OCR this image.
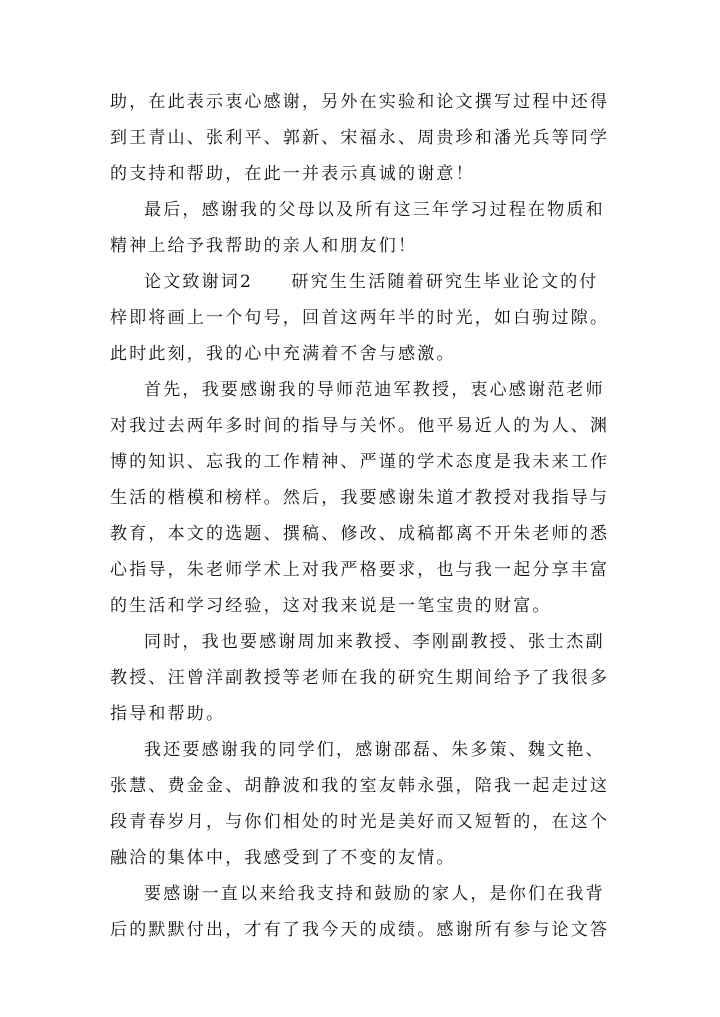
助，在此表示衷心感谢，另外在实验和论文撰写过程中还得
到王青山、张利平、郭新、宋福永、周贵珍和潘光兵等同学
的支持和帮助，在此一并表示真诚的谢意！
最后，感谢我的父母以及所有这三年学习过程在物质和
精神上给予我帮助的亲人和朋友们！
论文致谢词2　　研究生生活随着研究生毕业论文的付
梓即将画上一个句号，回首这两年半的时光，如白驹过隙。
此时此刻，我的心中充满着不舍与感激。
首先，我要感谢我的导师范迪军教授，衷心感谢范老师
对我过去两年多时间的指导与关怀。他平易近人的为人、渊
博的知识、忘我的工作精神、严谨的学术态度是我未来工作
生活的楷模和榜样。然后，我要感谢朱道才教授对我指导与
教育，本文的选题、撰稿、修改、成稿都离不开朱老师的悉
心指导，朱老师学术上对我严格要求，也与我一起分享丰富
的生活和学习经验，这对我来说是一笔宝贵的财富。
同时，我也要感谢周加来教授、李刚副教授、张士杰副
教授、汪曾洋副教授等老师在我的研究生期间给予了我很多
指导和帮助。
我还要感谢我的同学们，感谢邵磊、朱多策、魏文艳、
张慧、费金金、胡静波和我的室友韩永强，陪我一起走过这
段青春岁月，与你们相处的时光是美好而又短暂的，在这个
融洽的集体中，我感受到了不变的友情。
要感谢一直以来给我支持和鼓励的家人，是你们在我背
后的默默付出，才有了我今天的成绩。感谢所有参与论文答
